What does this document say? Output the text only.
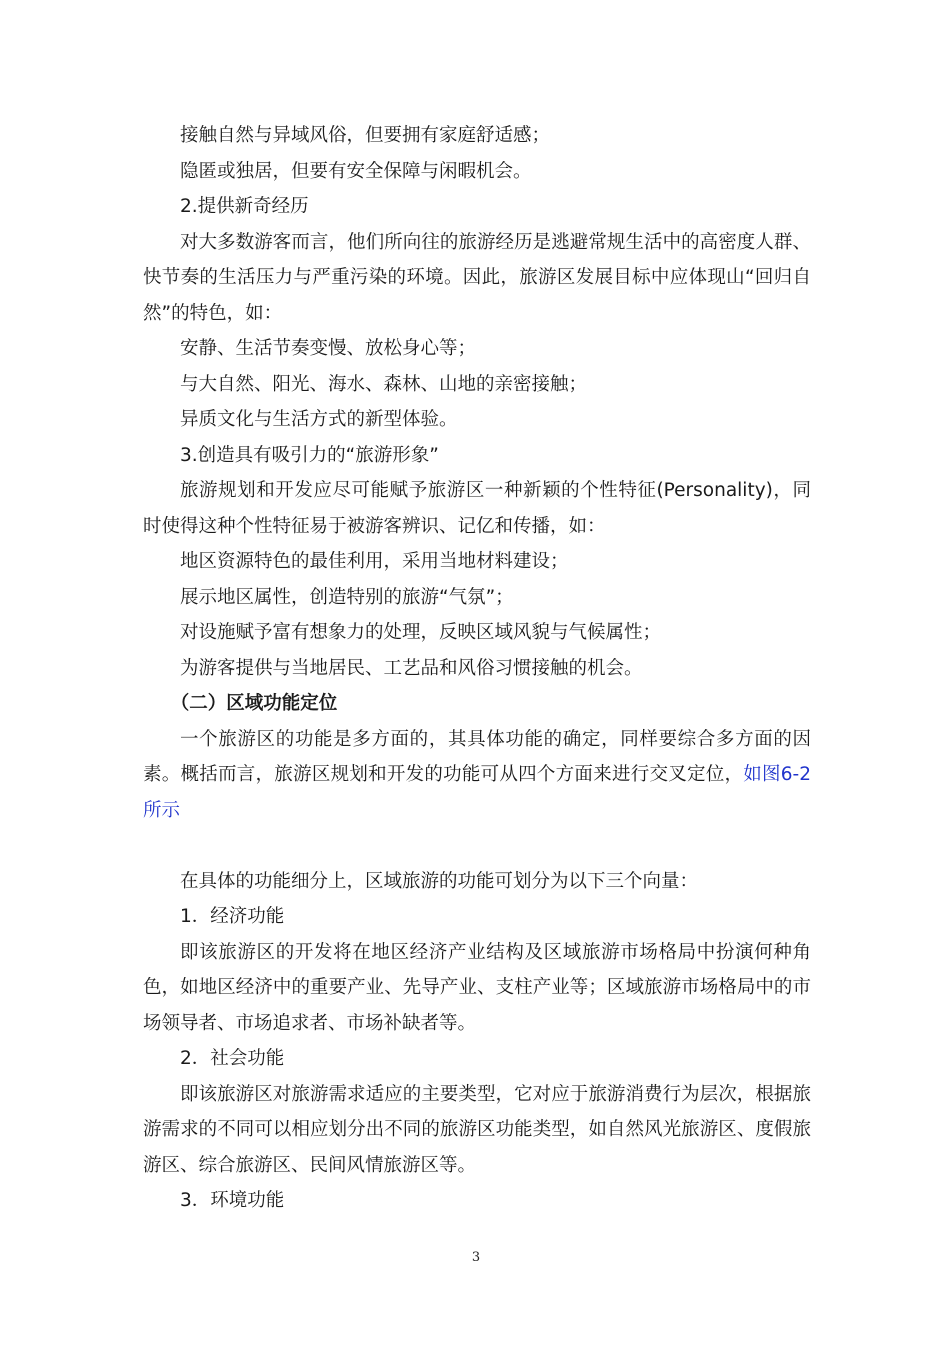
接触自然与异域风俗，但要拥有家庭舒适感；

隐匿或独居，但要有安全保障与闲暇机会。

2.提供新奇经历

对大多数游客而言，他们所向往的旅游经历是逃避常规生活中的高密度人群、快节奏的生活压力与严重污染的环境。因此，旅游区发展目标中应体现山“回归自然”的特色，如：

安静、生活节奏变慢、放松身心等；

与大自然、阳光、海水、森林、山地的亲密接触；

异质文化与生活方式的新型体验。

3.创造具有吸引力的“旅游形象”

旅游规划和开发应尽可能赋予旅游区一种新颖的个性特征(Personality)，同时使得这种个性特征易于被游客辨识、记亿和传播，如：

地区资源特色的最佳利用，采用当地材料建设；

展示地区属性，创造特别的旅游“气氛”；

对设施赋予富有想象力的处理，反映区域风貌与气候属性；

为游客提供与当地居民、工艺品和风俗习惯接触的机会。

（二）区域功能定位

一个旅游区的功能是多方面的，其具体功能的确定，同样要综合多方面的因素。概括而言，旅游区规划和开发的功能可从四个方面来进行交叉定位，如图6-2所示

在具体的功能细分上，区域旅游的功能可划分为以下三个向量：

1．经济功能

即该旅游区的开发将在地区经济产业结构及区域旅游市场格局中扮演何种角色，如地区经济中的重要产业、先导产业、支柱产业等；区域旅游市场格局中的市场领导者、市场追求者、市场补缺者等。

2．社会功能

即该旅游区对旅游需求适应的主要类型，它对应于旅游消费行为层次，根据旅游需求的不同可以相应划分出不同的旅游区功能类型，如自然风光旅游区、度假旅游区、综合旅游区、民间风情旅游区等。

3．环境功能

3
